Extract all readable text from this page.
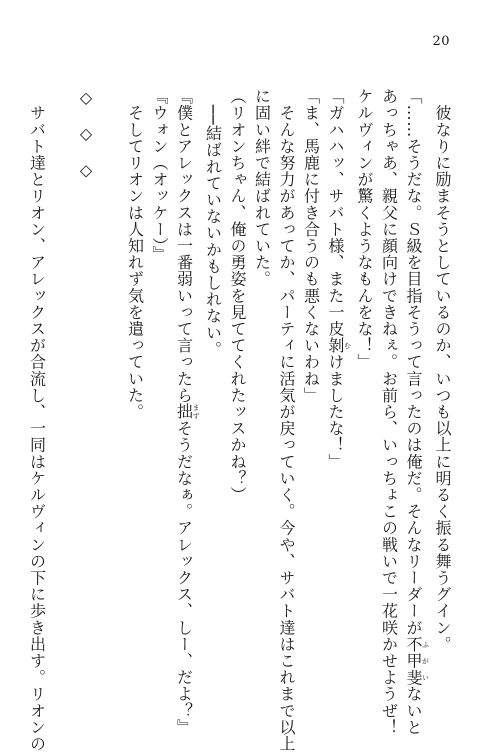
20
　彼なりに励まそうとしているのか、いつも以上に明るく振る舞うグイン。
「……そうだな。Ｓ級を目指そうって言ったのは俺だ。そんなリーダーが不甲斐ふがいないと
あっちゃあ、親父に顔向けできねぇ。お前ら、いっちょこの戦いで一花咲かせようぜ！
ケルヴィンが驚くようなもんをな！」
「ガハハッ、サバト様、また一皮剝むけましたな！」
「ま、馬鹿に付き合うのも悪くないわね」
　そんな努力があってか、パーティに活気が戻っていく。今や、サバト達はこれまで以上
に固い絆で結ばれていた。
（リオンちゃん、俺の勇姿を見ててくれたッスかね？）
　──結ばれていないかもしれない。
『僕とアレックスは一番弱いって言ったら拙まずそうだなぁ。アレックス、しー、だよ？』
『ウォン（オッケー）』
　そしてリオンは人知れず気を遣っていた。

◇　◇　◇

　サバト達とリオン、アレックスが合流し、一同はケルヴィンの下に歩き出す。リオンの
